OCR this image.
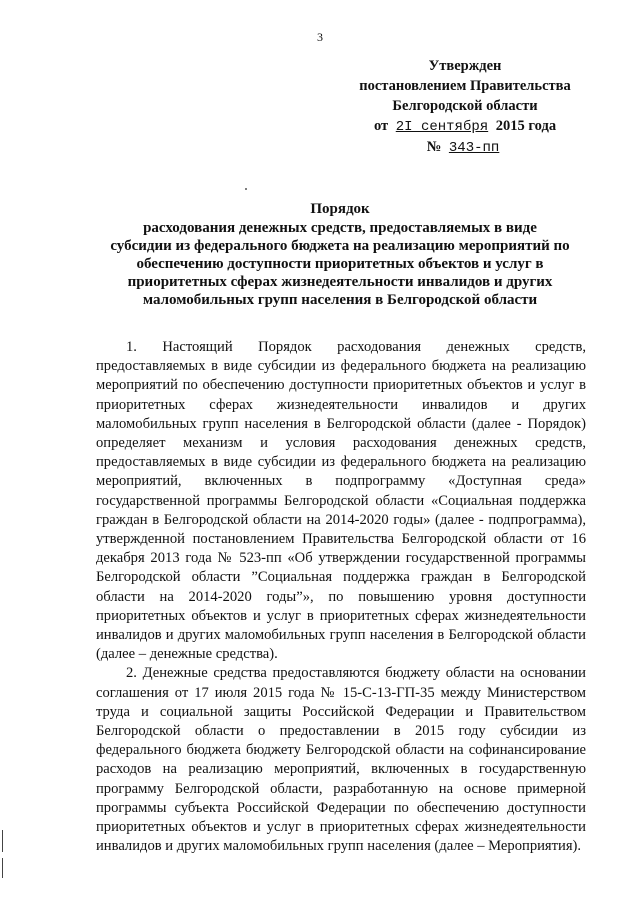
3
Утвержден
постановлением Правительства
Белгородской области
от 2I сентября 2015 года
№ 343-пп
Порядок
расходования денежных средств, предоставляемых в виде
субсидии из федерального бюджета на реализацию мероприятий по
обеспечению доступности приоритетных объектов и услуг в
приоритетных сферах жизнедеятельности инвалидов и других
маломобильных групп населения в Белгородской области

1. Настоящий Порядок расходования денежных средств, предоставляемых в виде субсидии из федерального бюджета на реализацию мероприятий по обеспечению доступности приоритетных объектов и услуг в приоритетных сферах жизнедеятельности инвалидов и других маломобильных групп населения в Белгородской области (далее - Порядок) определяет механизм и условия расходования денежных средств, предоставляемых в виде субсидии из федерального бюджета на реализацию мероприятий, включенных в подпрограмму «Доступная среда» государственной программы Белгородской области «Социальная поддержка граждан в Белгородской области на 2014-2020 годы» (далее - подпрограмма), утвержденной постановлением Правительства Белгородской области от 16 декабря 2013 года № 523-пп «Об утверждении государственной программы Белгородской области ”Социальная поддержка граждан в Белгородской области на 2014-2020 годы”», по повышению уровня доступности приоритетных объектов и услуг в приоритетных сферах жизнедеятельности инвалидов и других маломобильных групп населения в Белгородской области (далее – денежные средства).

2. Денежные средства предоставляются бюджету области на основании соглашения от 17 июля 2015 года № 15-С-13-ГП-35 между Министерством труда и социальной защиты Российской Федерации и Правительством Белгородской области о предоставлении в 2015 году субсидии из федерального бюджета бюджету Белгородской области на софинансирование расходов на реализацию мероприятий, включенных в государственную программу Белгородской области, разработанную на основе примерной программы субъекта Российской Федерации по обеспечению доступности приоритетных объектов и услуг в приоритетных сферах жизнедеятельности инвалидов и других маломобильных групп населения (далее – Мероприятия).
